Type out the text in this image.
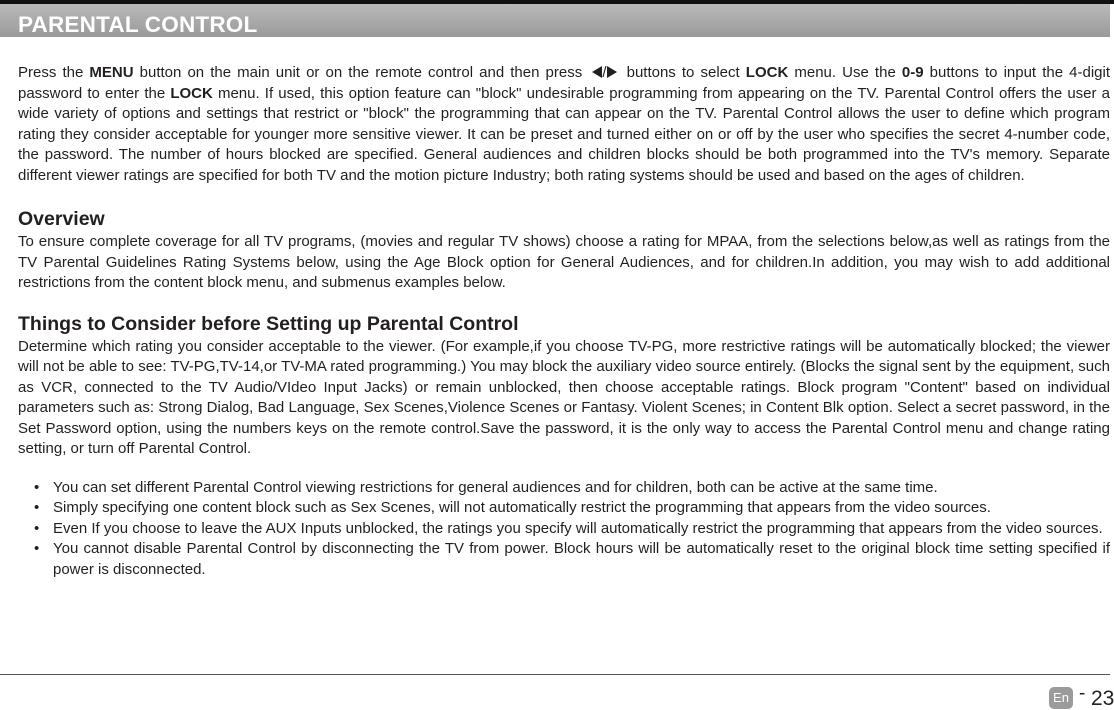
PARENTAL CONTROL

Press the MENU button on the main unit or on the remote control and then press / buttons to select LOCK menu. Use the 0-9 buttons to input the 4-digit password to enter the LOCK menu. If used, this option feature can "block" undesirable programming from appearing on the TV. Parental Control offers the user a wide variety of options and settings that restrict or "block" the programming that can appear on the TV. Parental Control allows the user to define which program rating they consider acceptable for younger more sensitive viewer. It can be preset and turned either on or off by the user who specifies the secret 4-number code, the password. The number of hours blocked are specified. General audiences and children blocks should be both programmed into the TV's memory. Separate different viewer ratings are specified for both TV and the motion picture Industry; both rating systems should be used and based on the ages of children.

Overview

To ensure complete coverage for all TV programs, (movies and regular TV shows) choose a rating for MPAA, from the selections below,as well as ratings from the TV Parental Guidelines Rating Systems below, using the Age Block option for General Audiences, and for children.In addition, you may wish to add additional restrictions from the content block menu, and submenus examples below.

Things to Consider before Setting up Parental Control

Determine which rating you consider acceptable to the viewer. (For example,if you choose TV-PG, more restrictive ratings will be automatically blocked; the viewer will not be able to see: TV-PG,TV-14,or TV-MA rated programming.) You may block the auxiliary video source entirely. (Blocks the signal sent by the equipment, such as VCR, connected to the TV Audio/VIdeo Input Jacks) or remain unblocked, then choose acceptable ratings. Block program "Content" based on individual parameters such as: Strong Dialog, Bad Language, Sex Scenes,Violence Scenes or Fantasy. Violent Scenes; in Content Blk option. Select a secret password, in the Set Password option, using the numbers keys on the remote control.Save the password, it is the only way to access the Parental Control menu and change rating setting, or turn off Parental Control.

• You can set different Parental Control viewing restrictions for general audiences and for children, both can be active at the same time.
• Simply specifying one content block such as Sex Scenes, will not automatically restrict the programming that appears from the video sources.
• Even If you choose to leave the AUX Inputs unblocked, the ratings you specify will automatically restrict the programming that appears from the video sources.
• You cannot disable Parental Control by disconnecting the TV from power. Block hours will be automatically reset to the original block time setting specified if power is disconnected.
En - 23
